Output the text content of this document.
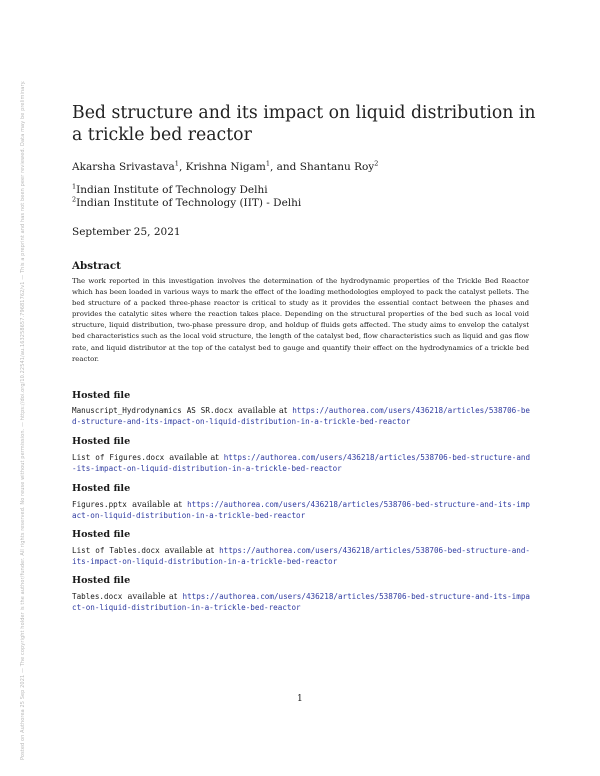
Posted on Authorea 25 Sep 2021 — The copyright holder is the author/funder. All rights reserved. No reuse without permission. — https://doi.org/10.22541/au.163258657.79681762/v1 — This a preprint and has not been peer reviewed. Data may be preliminary.	Bed structure and its impact on liquid distribution in a trickle bed reactor
Akarsha Srivastava$^1$, Krishna Nigam$^1$, and Shantanu Roy$^2$
$^1$Indian Institute of Technology Delhi
$^2$Indian Institute of Technology (IIT) - Delhi
September 25, 2021
Abstract

The work reported in this investigation involves the determination of the hydrodynamic properties of the Trickle Bed Reactor which has been loaded in various ways to mark the effect of the loading methodologies employed to pack the catalyst pellets. The bed structure of a packed three-phase reactor is critical to study as it provides the essential contact between the phases and provides the catalytic sites where the reaction takes place. Depending on the structural properties of the bed such as local void structure, liquid distribution, two-phase pressure drop, and holdup of fluids gets affected. The study aims to envelop the catalyst bed characteristics such as the local void structure, the length of the catalyst bed, flow characteristics such as liquid and gas flow rate, and liquid distributor at the top of the catalyst bed to gauge and quantify their effect on the hydrodynamics of a trickle bed reactor.

Hosted file

Manuscript_Hydrodynamics AS SR.docx available at https://authorea.com/users/436218/articles/538706-bed-structure-and-its-impact-on-liquid-distribution-in-a-trickle-bed-reactor

Hosted file

List of Figures.docx available at https://authorea.com/users/436218/articles/538706-bed-structure-and-its-impact-on-liquid-distribution-in-a-trickle-bed-reactor

Hosted file

Figures.pptx available at https://authorea.com/users/436218/articles/538706-bed-structure-and-its-impact-on-liquid-distribution-in-a-trickle-bed-reactor

Hosted file

List of Tables.docx available at https://authorea.com/users/436218/articles/538706-bed-structure-and-its-impact-on-liquid-distribution-in-a-trickle-bed-reactor

Hosted file

Tables.docx available at https://authorea.com/users/436218/articles/538706-bed-structure-and-its-impact-on-liquid-distribution-in-a-trickle-bed-reactor

1
